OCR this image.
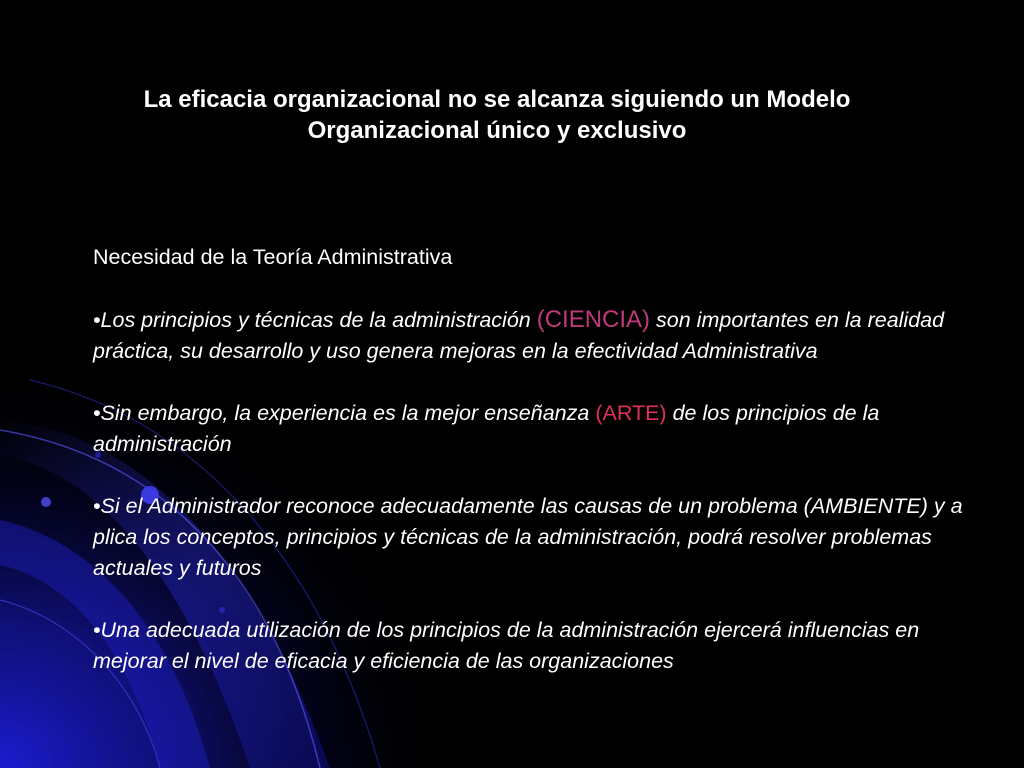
La eficacia organizacional no se alcanza siguiendo un Modelo
Organizacional único y exclusivo

Necesidad de la Teoría Administrativa

•Los principios y técnicas de la administración (CIENCIA) son importantes en la realidad práctica, su desarrollo y uso genera mejoras en la efectividad Administrativa

•Sin embargo, la experiencia es la mejor enseñanza (ARTE) de los principios de la administración

•Si el Administrador reconoce adecuadamente las causas de un problema (AMBIENTE) y a plica los conceptos, principios y técnicas de la administración, podrá resolver problemas actuales y futuros

•Una adecuada utilización de los principios de la administración ejercerá influencias en mejorar el nivel de eficacia y eficiencia de las organizaciones
